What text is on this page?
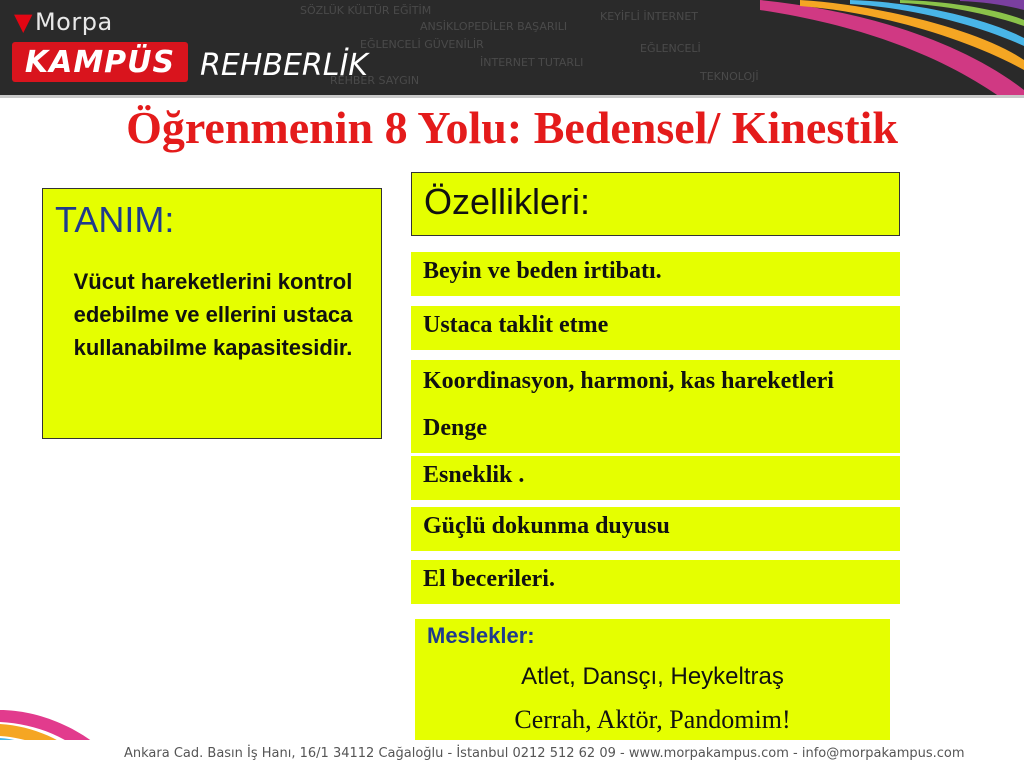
SÖZLÜK KÜLTÜR EĞİTİM
ANSİKLOPEDİLER BAŞARILI
EĞLENCELİ GÜVENİLİR
İNTERNET TUTARLI
REHBER SAYGIN
KEYİFLİ İNTERNET
EĞLENCELİ
TEKNOLOJİ
▼Morpa
KAMPÜS REHBERLİK
Öğrenmenin 8 Yolu: Bedensel/ Kinestik
TANIM:
Vücut hareketlerini kontrol edebilme ve ellerini ustaca kullanabilme kapasitesidir.
Özellikleri:
Beyin ve beden irtibatı.
Ustaca taklit etme
Koordinasyon, harmoni, kas hareketleri
Denge
Esneklik .
Güçlü dokunma duyusu
El becerileri.
Meslekler:
Atlet, Dansçı, Heykeltraş
Cerrah, Aktör, Pandomim!
Ankara Cad. Basın İş Hanı, 16/1 34112 Cağaloğlu - İstanbul 0212 512 62 09 - www.morpakampus.com - info@morpakampus.com
